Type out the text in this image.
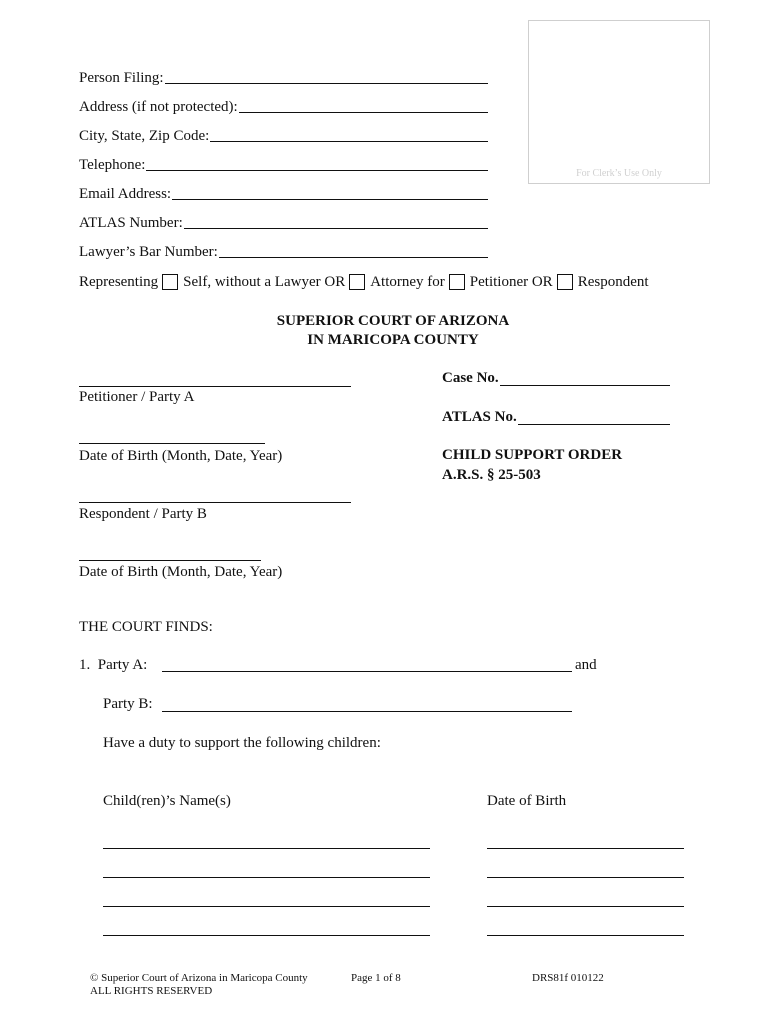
For Clerk’s Use Only
Person Filing:
Address (if not protected):
City, State, Zip Code:
Telephone:
Email Address:
ATLAS Number:
Lawyer’s Bar Number:
Representing Self, without a Lawyer OR Attorney for Petitioner OR Respondent
SUPERIOR COURT OF ARIZONA
IN MARICOPA COUNTY
Petitioner / Party A
Date of Birth (Month, Date, Year)
Respondent / Party B
Date of Birth (Month, Date, Year)
Case No.
ATLAS No.
CHILD SUPPORT ORDER
A.R.S. § 25-503
THE COURT FINDS:
1.  Party A:	and
Party B:
Have a duty to support the following children:
Child(ren)’s Name(s)	Date of Birth
© Superior Court of Arizona in Maricopa County
ALL RIGHTS RESERVED
Page 1 of 8	DRS81f 010122
